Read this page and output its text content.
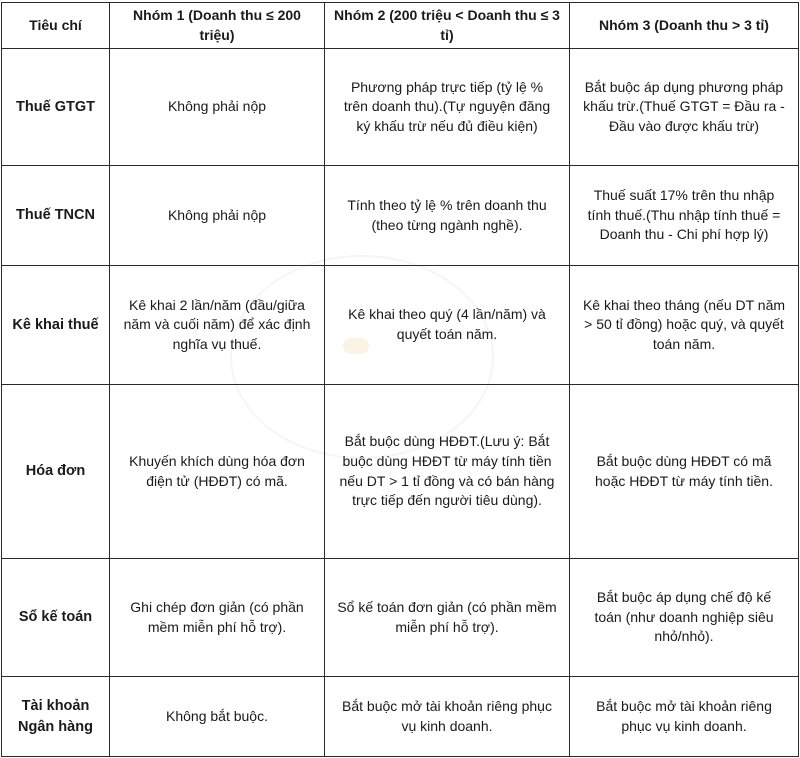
Tiêu chí	Nhóm 1 (Doanh thu ≤ 200 triệu)	Nhóm 2 (200 triệu < Doanh thu ≤ 3 tỉ)	Nhóm 3 (Doanh thu > 3 tỉ)
Thuế GTGT	Không phải nộp	Phương pháp trực tiếp (tỷ lệ % trên doanh thu).(Tự nguyện đăng ký khấu trừ nếu đủ điều kiện)	Bắt buộc áp dụng phương pháp khấu trừ.(Thuế GTGT = Đầu ra - Đầu vào được khấu trừ)
Thuế TNCN	Không phải nộp	Tính theo tỷ lệ % trên doanh thu (theo từng ngành nghề).	Thuế suất 17% trên thu nhập tính thuế.(Thu nhập tính thuế = Doanh thu - Chi phí hợp lý)
Kê khai thuế	Kê khai 2 lần/năm (đầu/giữa năm và cuối năm) để xác định nghĩa vụ thuế.	Kê khai theo quý (4 lần/năm) và quyết toán năm.	Kê khai theo tháng (nếu DT năm > 50 tỉ đồng) hoặc quý, và quyết toán năm.
Hóa đơn	Khuyến khích dùng hóa đơn điện tử (HĐĐT) có mã.	Bắt buộc dùng HĐĐT.(Lưu ý: Bắt buộc dùng HĐĐT từ máy tính tiền nếu DT > 1 tỉ đồng và có bán hàng trực tiếp đến người tiêu dùng).	Bắt buộc dùng HĐĐT có mã hoặc HĐĐT từ máy tính tiền.
Sổ kế toán	Ghi chép đơn giản (có phần mềm miễn phí hỗ trợ).	Sổ kế toán đơn giản (có phần mềm miễn phí hỗ trợ).	Bắt buộc áp dụng chế độ kế toán (như doanh nghiệp siêu nhỏ/nhỏ).
Tài khoản Ngân hàng	Không bắt buộc.	Bắt buộc mở tài khoản riêng phục vụ kinh doanh.	Bắt buộc mở tài khoản riêng phục vụ kinh doanh.
